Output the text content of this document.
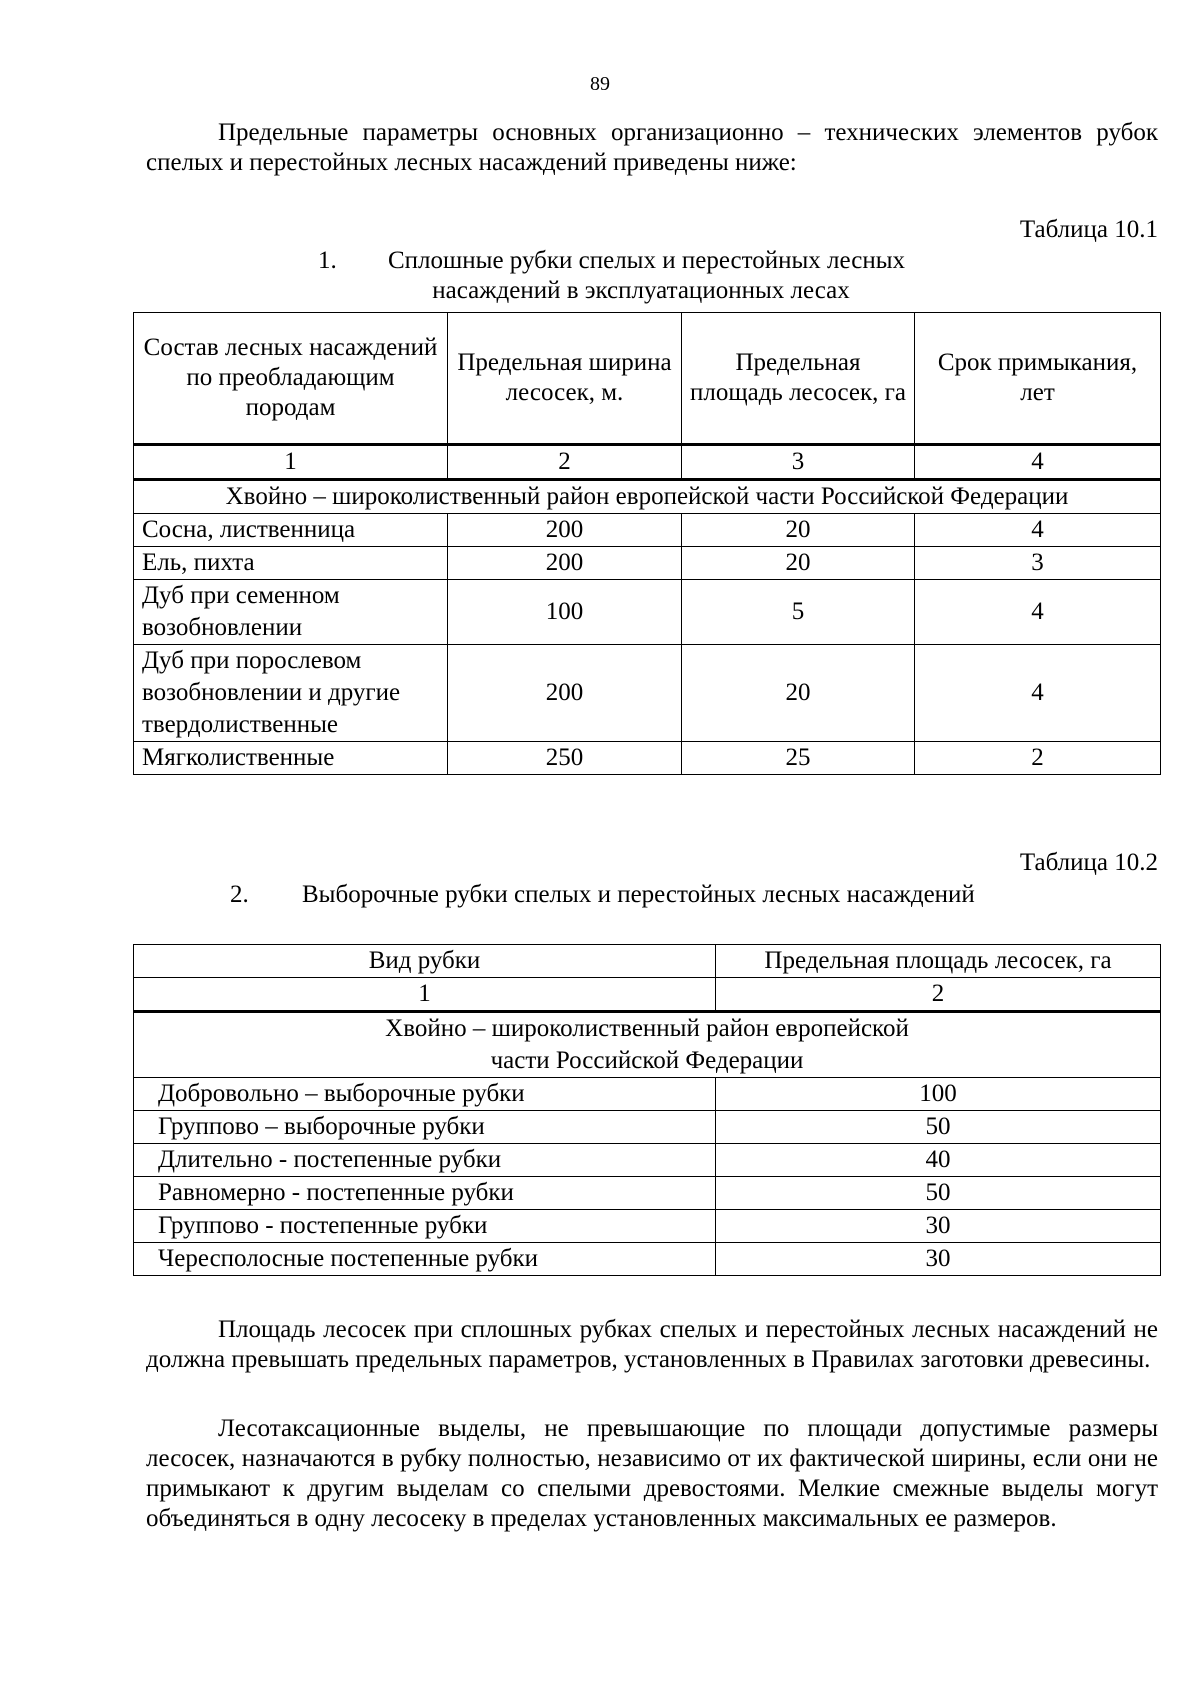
89

Предельные параметры основных организационно – технических элементов рубок спелых и перестойных лесных насаждений приведены ниже:

Таблица 10.1
1.	Сплошные рубки спелых и перестойных лесных
насаждений в эксплуатационных лесах
Состав лесных насаждений по преобладающим породам	Предельная ширина лесосек, м.	Предельная площадь лесосек, га	Срок примыкания, лет
1	2	3	4
Хвойно – широколиственный район европейской части Российской Федерации			
Сосна, лиственница	200	20	4
Ель, пихта	200	20	3
Дуб при семенном возобновлении	100	5	4
Дуб при порослевом возобновлении и другие твердолиственные	200	20	4
Мягколиственные	250	25	2
Таблица 10.2
2.	Выборочные рубки спелых и перестойных лесных насаждений
Вид рубки	Предельная площадь лесосек, га
1	2
Хвойно – широколиственный район европейской части Российской Федерации	
Добровольно – выборочные рубки	100
Группово – выборочные рубки	50
Длительно - постепенные рубки	40
Равномерно - постепенные рубки	50
Группово - постепенные рубки	30
Чересполосные постепенные рубки	30

Площадь лесосек при сплошных рубках спелых и перестойных лесных насаждений не должна превышать предельных параметров, установленных в Правилах заготовки древесины.

Лесотаксационные выделы, не превышающие по площади допустимые размеры лесосек, назначаются в рубку полностью, независимо от их фактической ширины, если они не примыкают к другим выделам со спелыми древостоями. Мелкие смежные выделы могут объединяться в одну лесосеку в пределах установленных максимальных ее размеров.
